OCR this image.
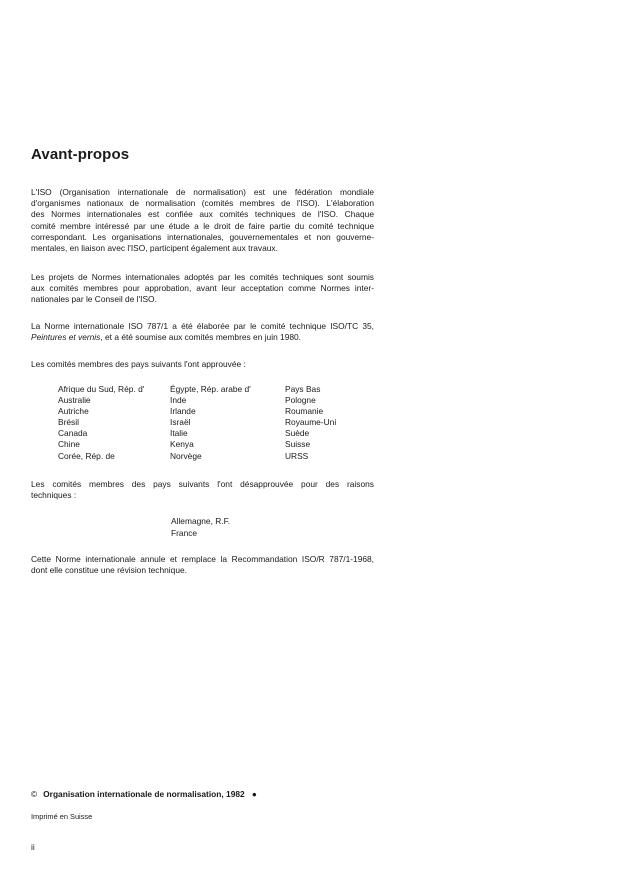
Avant-propos
L'ISO (Organisation internationale de normalisation) est une fédération mondiale
d'organismes nationaux de normalisation (comités membres de l'ISO). L'élaboration
des Normes internationales est confiée aux comités techniques de l'ISO. Chaque
comité membre intéressé par une étude a le droit de faire partie du comité technique
correspondant. Les organisations internationales, gouvernementales et non gouverne-
mentales, en liaison avec l'ISO, participent également aux travaux.
Les projets de Normes internationales adoptés par les comités techniques sont soumis
aux comités membres pour approbation, avant leur acceptation comme Normes inter-
nationales par le Conseil de l'ISO.
La Norme internationale ISO 787/1 a été élaborée par le comité technique ISO/TC 35,
Peintures et vernis, et a été soumise aux comités membres en juin 1980.
Les comités membres des pays suivants l'ont approuvée :
Afrique du Sud, Rép. d'
Australie
Autriche
Brésil
Canada
Chine
Corée, Rép. de
Égypte, Rép. arabe d'
Inde
Irlande
Israël
Italie
Kenya
Norvège
Pays Bas
Pologne
Roumanie
Royaume-Uni
Suède
Suisse
URSS
Les comités membres des pays suivants l'ont désapprouvée pour des raisons
techniques :
Allemagne, R.F.
France
Cette Norme internationale annule et remplace la Recommandation ISO/R 787/1-1968,
dont elle constitue une révision technique.
© Organisation internationale de normalisation, 1982 ●
Imprimé en Suisse
ii
